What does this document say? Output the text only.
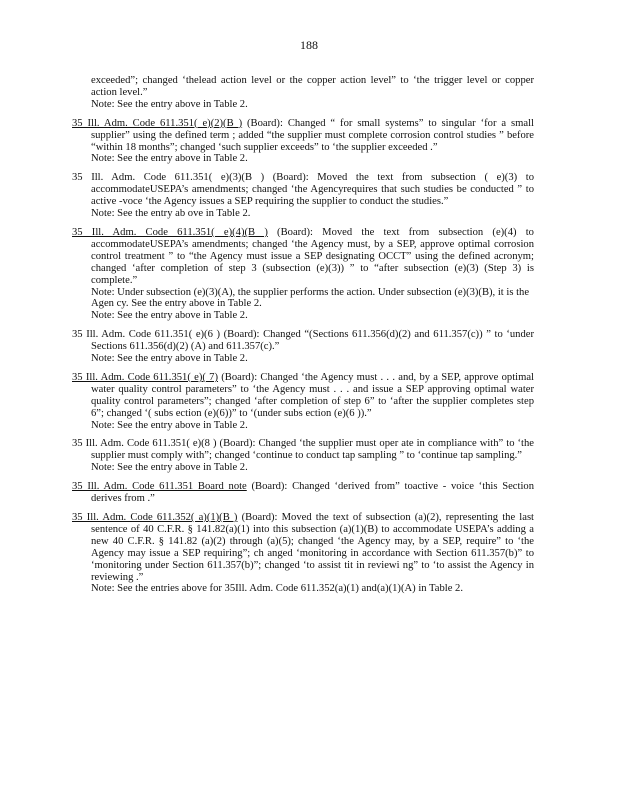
188
exceeded”; changed ‘thelead action level or the copper action level” to ‘the trigger level or copper action level.”
Note: See the entry above in Table 2.
35 Ill. Adm. Code 611.351( e)(2)(B ) (Board): Changed “ for small systems” to singular ‘for a small supplier” using the defined term ; added “the supplier must complete corrosion control studies ” before “within 18 months”; changed ‘such supplier exceeds” to ‘the supplier exceeded .”
Note: See the entry above in Table 2.
35 Ill. Adm. Code 611.351( e)(3)(B ) (Board): Moved the text from subsection ( e)(3) to accommodateUSEPA’s amendments; changed ‘the Agencyrequires that such studies be conducted ” to active -voce ‘the Agency issues a SEP requiring the supplier to conduct the studies.”
Note: See the entry ab ove in Table 2.
35 Ill. Adm. Code 611.351( e)(4)(B ) (Board): Moved the text from subsection (e)(4) to accommodateUSEPA’s amendments; changed ‘the Agency must, by a SEP, approve optimal corrosion control treatment ” to “the Agency must issue a SEP designating OCCT” using the defined acronym; changed ‘after completion of step 3 (subsection (e)(3)) ” to “after subsection (e)(3) (Step 3) is complete.”
Note: Under subsection (e)(3)(A), the supplier performs the action. Under subsection (e)(3)(B), it is the Agen cy. See the entry above in Table 2.
Note: See the entry above in Table 2.
35 Ill. Adm. Code 611.351( e)(6 ) (Board): Changed “(Sections 611.356(d)(2) and 611.357(c)) ” to ‘under Sections 611.356(d)(2) (A) and 611.357(c).”
Note: See the entry above in Table 2.
35 Ill. Adm. Code 611.351( e)( 7) (Board): Changed ‘the Agency must . . . and, by a SEP, approve optimal water quality control parameters” to ‘the Agency must . . . and issue a SEP approving optimal water quality control parameters”; changed ‘after completion of step 6” to ‘after the supplier completes step 6”; changed ‘( subs ection (e)(6))” to ‘(under subs ection (e)(6 )).”
Note: See the entry above in Table 2.
35 Ill. Adm. Code 611.351( e)(8 ) (Board): Changed ‘the supplier must oper ate in compliance with” to ‘the supplier must comply with”; changed ‘continue to conduct tap sampling ” to ‘continue tap sampling.”
Note: See the entry above in Table 2.
35 Ill. Adm. Code 611.351 Board note (Board): Changed ‘derived from” toactive - voice ‘this Section derives from .”
35 Ill. Adm. Code 611.352( a)(1)(B ) (Board): Moved the text of subsection (a)(2), representing the last sentence of 40 C.F.R. § 141.82(a)(1) into this subsection (a)(1)(B) to accommodate USEPA’s adding a new 40 C.F.R. § 141.82 (a)(2) through (a)(5); changed ‘the Agency may, by a SEP, require” to ‘the Agency may issue a SEP requiring”; ch anged ‘monitoring in accordance with Section 611.357(b)” to ‘monitoring under Section 611.357(b)”; changed ‘to assist tit in reviewi ng” to ‘to assist the Agency in reviewing .”
Note: See the entries above for 35Ill. Adm. Code 611.352(a)(1) and(a)(1)(A) in Table 2.
